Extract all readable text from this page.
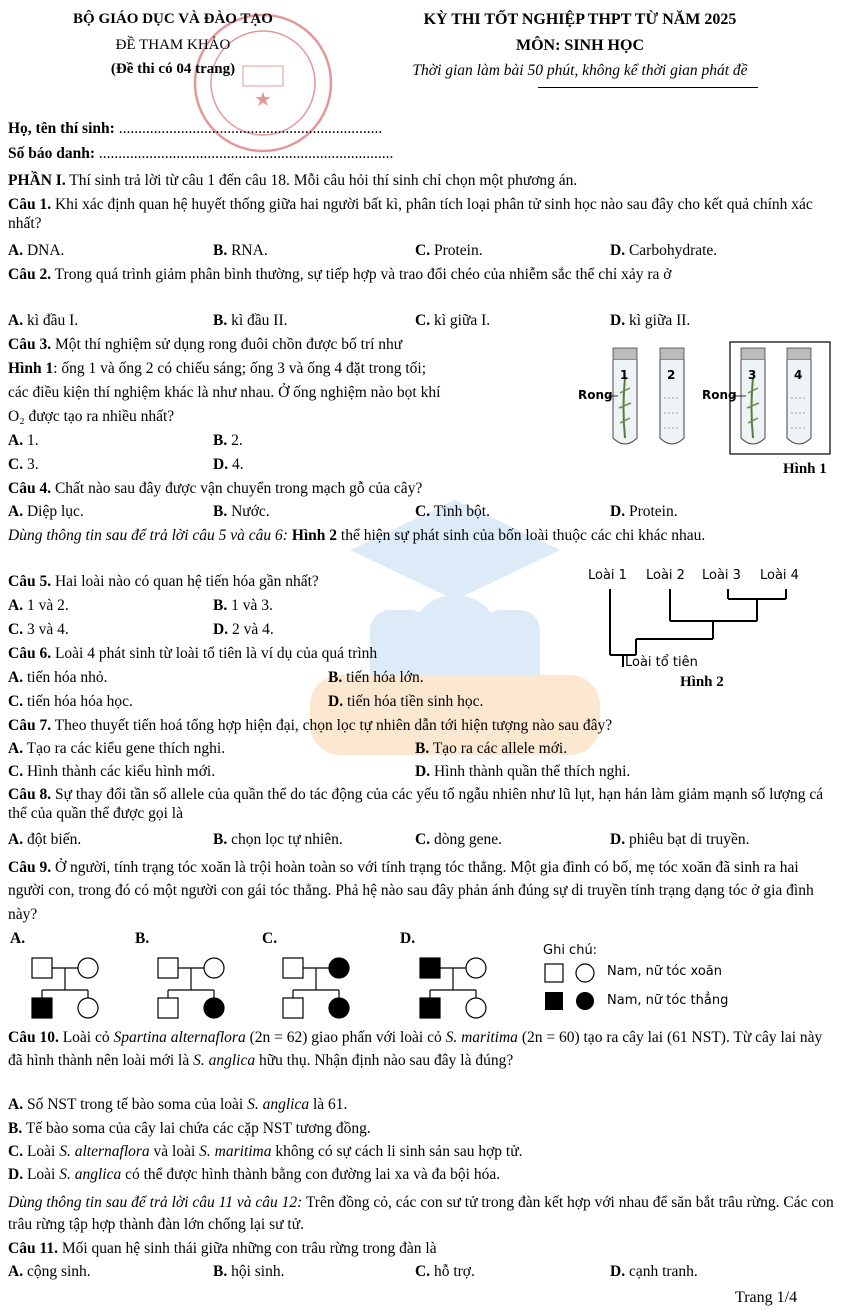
★
BỘ GIÁO DỤC VÀ ĐÀO TẠO
ĐỀ THAM KHẢO
(Đề thi có 04 trang)
KỲ THI TỐT NGHIỆP THPT TỪ NĂM 2025
MÔN: SINH HỌC
Thời gian làm bài 50 phút, không kể thời gian phát đề
Họ, tên thí sinh: ....................................................................
Số báo danh: ............................................................................
PHẦN I. Thí sinh trả lời từ câu 1 đến câu 18. Mỗi câu hỏi thí sinh chỉ chọn một phương án.
Câu 1. Khi xác định quan hệ huyết thống giữa hai người bất kì, phân tích loại phân tử sinh học nào sau đây cho kết quả chính xác nhất?
A. DNA.	B. RNA.	C. Protein.	D. Carbohydrate.
Câu 2. Trong quá trình giảm phân bình thường, sự tiếp hợp và trao đổi chéo của nhiễm sắc thể chỉ xảy ra ở
A. kì đầu I.	B. kì đầu II.	C. kì giữa I.	D. kì giữa II.
Câu 3. Một thí nghiệm sử dụng rong đuôi chồn được bố trí như
Hình 1: ống 1 và ống 2 có chiếu sáng; ống 3 và ống 4 đặt trong tối;
các điều kiện thí nghiệm khác là như nhau. Ở ống nghiệm nào bọt khí
O₂ được tạo ra nhiều nhất?
A. 1.	B. 2.
C. 3.	D. 4.
1	2	3	4
Rong	Rong
Hình 1
Câu 4. Chất nào sau đây được vận chuyển trong mạch gỗ của cây?
A. Diệp lục.	B. Nước.	C. Tinh bột.	D. Protein.
Dùng thông tin sau để trả lời câu 5 và câu 6: Hình 2 thể hiện sự phát sinh của bốn loài thuộc các chi khác nhau.
Câu 5. Hai loài nào có quan hệ tiến hóa gần nhất?
A. 1 và 2.	B. 1 và 3.
C. 3 và 4.	D. 2 và 4.
Loài 1 Loài 2 Loài 3 Loài 4
Loài tổ tiên
Hình 2
Câu 6. Loài 4 phát sinh từ loài tổ tiên là ví dụ của quá trình
A. tiến hóa nhỏ.	B. tiến hóa lớn.
C. tiến hóa hóa học.	D. tiến hóa tiền sinh học.
Câu 7. Theo thuyết tiến hoá tổng hợp hiện đại, chọn lọc tự nhiên dẫn tới hiện tượng nào sau đây?
A. Tạo ra các kiểu gene thích nghi.	B. Tạo ra các allele mới.
C. Hình thành các kiểu hình mới.	D. Hình thành quần thể thích nghi.
Câu 8. Sự thay đổi tần số allele của quần thể do tác động của các yếu tố ngẫu nhiên như lũ lụt, hạn hán làm giảm mạnh số lượng cá thể của quần thể được gọi là
A. đột biến.	B. chọn lọc tự nhiên.	C. dòng gene.	D. phiêu bạt di truyền.
Câu 9. Ở người, tính trạng tóc xoăn là trội hoàn toàn so với tính trạng tóc thẳng. Một gia đình có bố, mẹ tóc xoăn đã sinh ra hai người con, trong đó có một người con gái tóc thẳng. Phả hệ nào sau đây phản ánh đúng sự di truyền tính trạng dạng tóc ở gia đình này?
A.	B.	C.	D.
Ghi chú:
Nam, nữ tóc xoăn
Nam, nữ tóc thẳng
Câu 10. Loài cỏ Spartina alternaflora (2n = 62) giao phấn với loài cỏ S. maritima (2n = 60) tạo ra cây lai (61 NST). Từ cây lai này đã hình thành nên loài mới là S. anglica hữu thụ. Nhận định nào sau đây là đúng?
A. Số NST trong tế bào soma của loài S. anglica là 61.
B. Tế bào soma của cây lai chứa các cặp NST tương đồng.
C. Loài S. alternaflora và loài S. maritima không có sự cách li sinh sản sau hợp tử.
D. Loài S. anglica có thể được hình thành bằng con đường lai xa và đa bội hóa.
Dùng thông tin sau để trả lời câu 11 và câu 12: Trên đồng cỏ, các con sư tử trong đàn kết hợp với nhau để săn bắt trâu rừng. Các con trâu rừng tập hợp thành đàn lớn chống lại sư tử.
Câu 11. Mối quan hệ sinh thái giữa những con trâu rừng trong đàn là
A. cộng sinh.	B. hội sinh.	C. hỗ trợ.	D. cạnh tranh.
Trang 1/4
